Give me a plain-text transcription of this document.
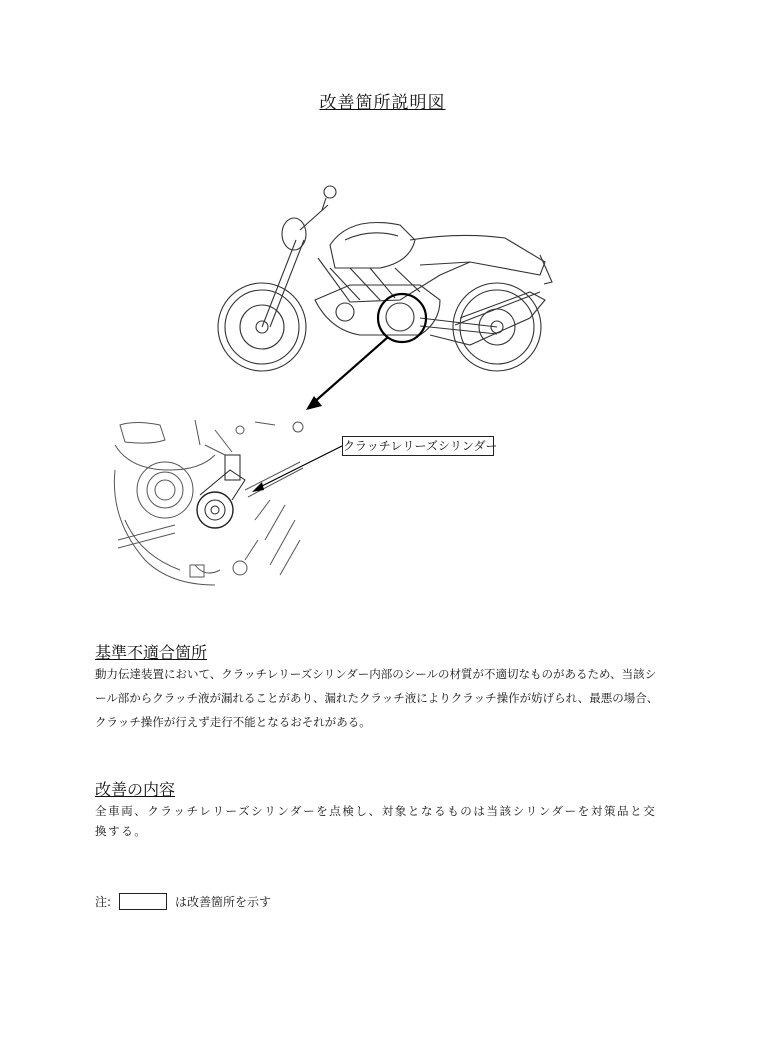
改善箇所説明図
クラッチレリーズシリンダー
基準不適合箇所
動力伝達装置において、クラッチレリーズシリンダー内部のシールの材質が不適切なものがあるため、当該シール部からクラッチ液が漏れることがあり、漏れたクラッチ液によりクラッチ操作が妨げられ、最悪の場合、クラッチ操作が行えず走行不能となるおそれがある。
改善の内容
全車両、クラッチレリーズシリンダーを点検し、対象となるものは当該シリンダーを対策品と交換する。
注:	は改善箇所を示す
